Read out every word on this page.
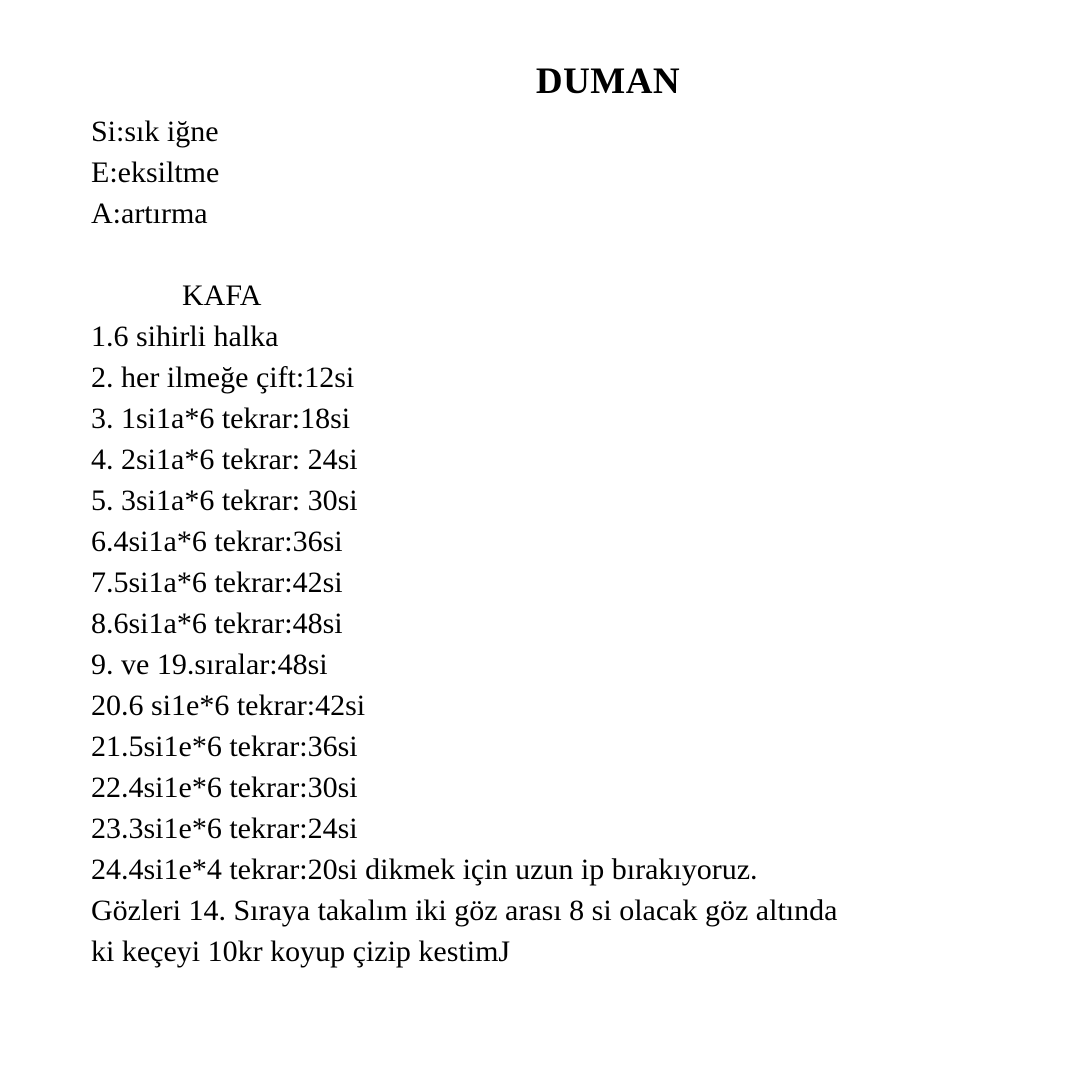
DUMAN
Si:sık iğne
E:eksiltme
A:artırma
KAFA
1.6 sihirli halka
2. her ilmeğe çift:12si
3. 1si1a*6 tekrar:18si
4. 2si1a*6 tekrar: 24si
5. 3si1a*6 tekrar: 30si
6.4si1a*6 tekrar:36si
7.5si1a*6 tekrar:42si
8.6si1a*6 tekrar:48si
9. ve 19.sıralar:48si
20.6 si1e*6 tekrar:42si
21.5si1e*6 tekrar:36si
22.4si1e*6 tekrar:30si
23.3si1e*6 tekrar:24si
24.4si1e*4 tekrar:20si dikmek için uzun ip bırakıyoruz.
Gözleri 14. Sıraya takalım iki göz arası 8 si olacak göz altında
ki keçeyi 10kr koyup çizip kestimJ
